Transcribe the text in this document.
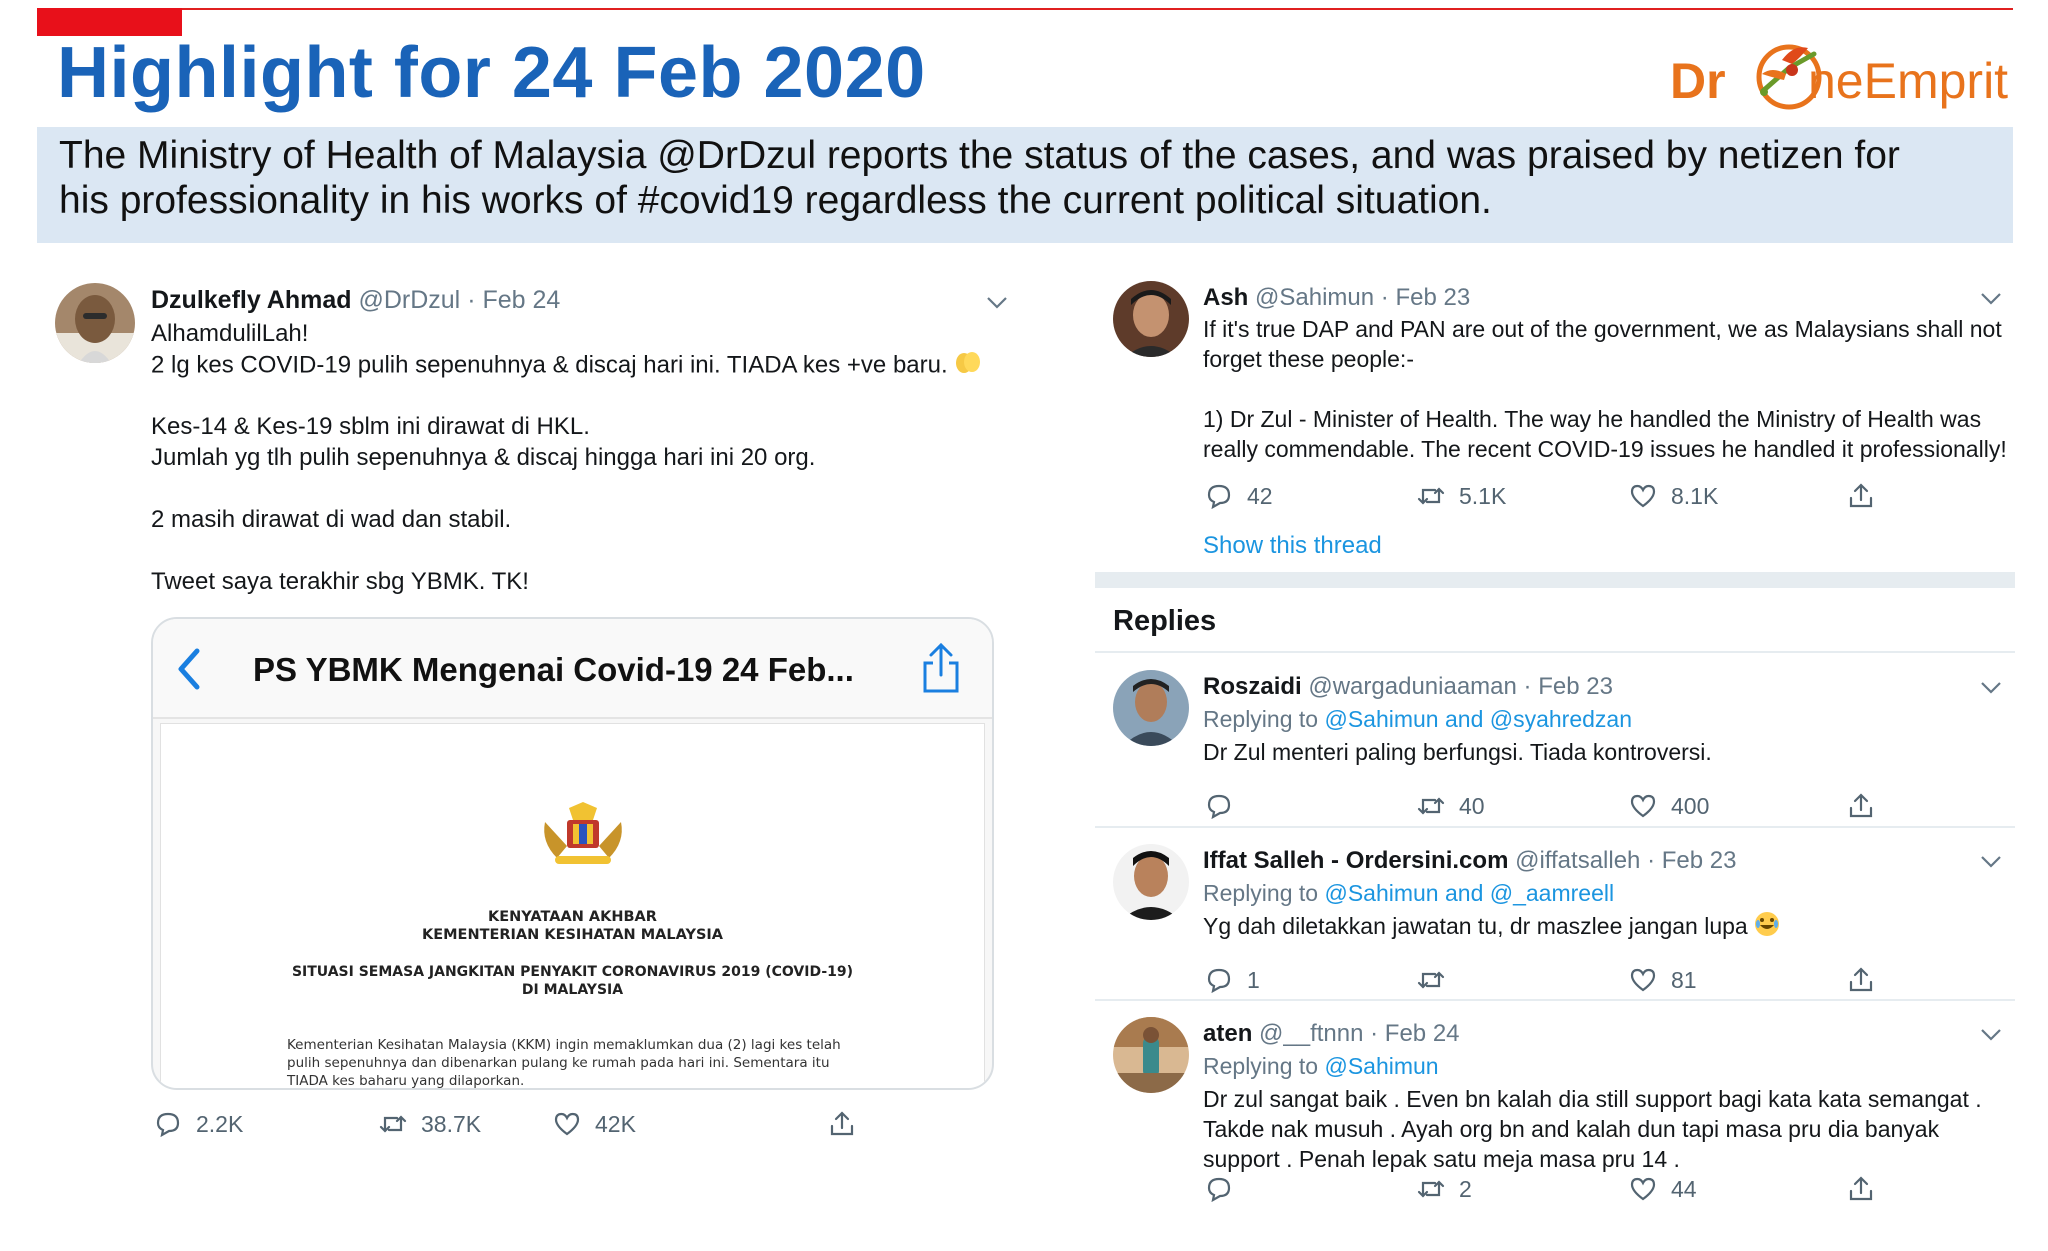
Highlight for 24 Feb 2020	Dr neEmprit

The Ministry of Health of Malaysia @DrDzul reports the status of the cases, and was praised by netizen for

his professionality in his works of #covid19 regardless the current political situation.

Dzulkefly Ahmad @DrDzul · Feb 24
AlhamdulilLah!
2 lg kes COVID-19 pulih sepenuhnya & discaj hari ini. TIADA kes +ve baru.
Kes-14 & Kes-19 sblm ini dirawat di HKL.
Jumlah yg tlh pulih sepenuhnya & discaj hingga hari ini 20 org.
2 masih dirawat di wad dan stabil.
Tweet saya terakhir sbg YBMK. TK!
PS YBMK Mengenai Covid-19 24 Feb...
KENYATAAN AKHBAR
KEMENTERIAN KESIHATAN MALAYSIA
SITUASI SEMASA JANGKITAN PENYAKIT CORONAVIRUS 2019 (COVID-19)
DI MALAYSIA
Kementerian Kesihatan Malaysia (KKM) ingin memaklumkan dua (2) lagi kes telah
pulih sepenuhnya dan dibenarkan pulang ke rumah pada hari ini. Sementara itu
TIADA kes baharu yang dilaporkan.
2.2K	38.7K	42K
Ash @Sahimun · Feb 23
If it's true DAP and PAN are out of the government, we as Malaysians shall not
forget these people:-
1) Dr Zul - Minister of Health. The way he handled the Ministry of Health was
really commendable. The recent COVID-19 issues he handled it professionally!
42	5.1K	8.1K
Show this thread
Replies
Roszaidi @wargaduniaaman · Feb 23
Replying to @Sahimun and @syahredzan
Dr Zul menteri paling berfungsi. Tiada kontroversi.
40	400
Iffat Salleh - Ordersini.com @iffatsalleh · Feb 23
Replying to @Sahimun and @_aamreell
Yg dah diletakkan jawatan tu, dr maszlee jangan lupa
1	81
aten @__ftnnn · Feb 24
Replying to @Sahimun
Dr zul sangat baik . Even bn kalah dia still support bagi kata kata semangat .
Takde nak musuh . Ayah org bn and kalah dun tapi masa pru dia banyak
support . Penah lepak satu meja masa pru 14 .
2	44
